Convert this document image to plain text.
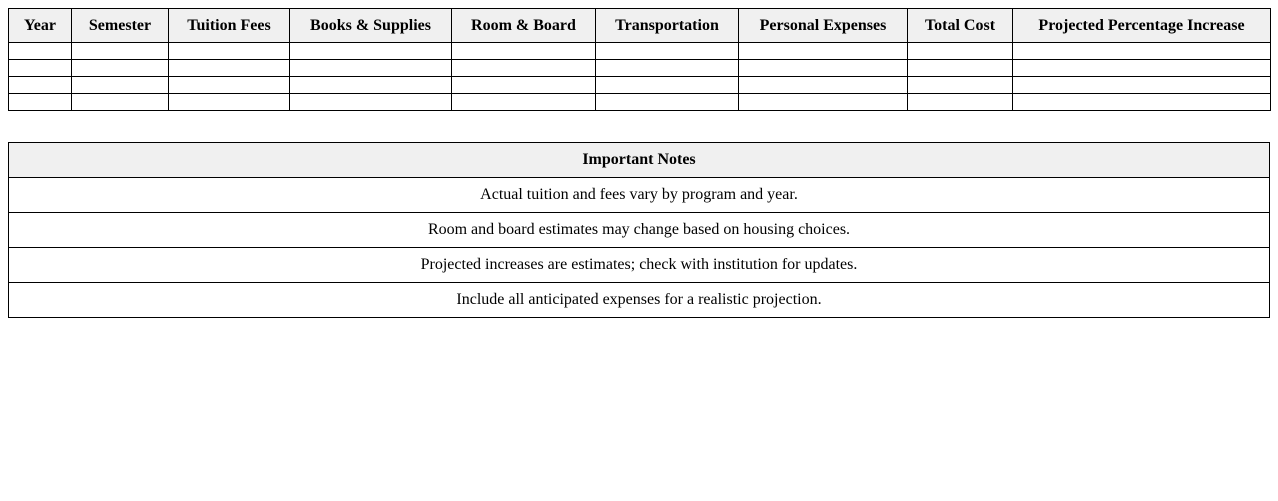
Year	Semester	Tuition Fees	Books & Supplies	Room & Board	Transportation	Personal Expenses	Total Cost	Projected Percentage Increase

Important Notes
Actual tuition and fees vary by program and year.
Room and board estimates may change based on housing choices.
Projected increases are estimates; check with institution for updates.
Include all anticipated expenses for a realistic projection.
